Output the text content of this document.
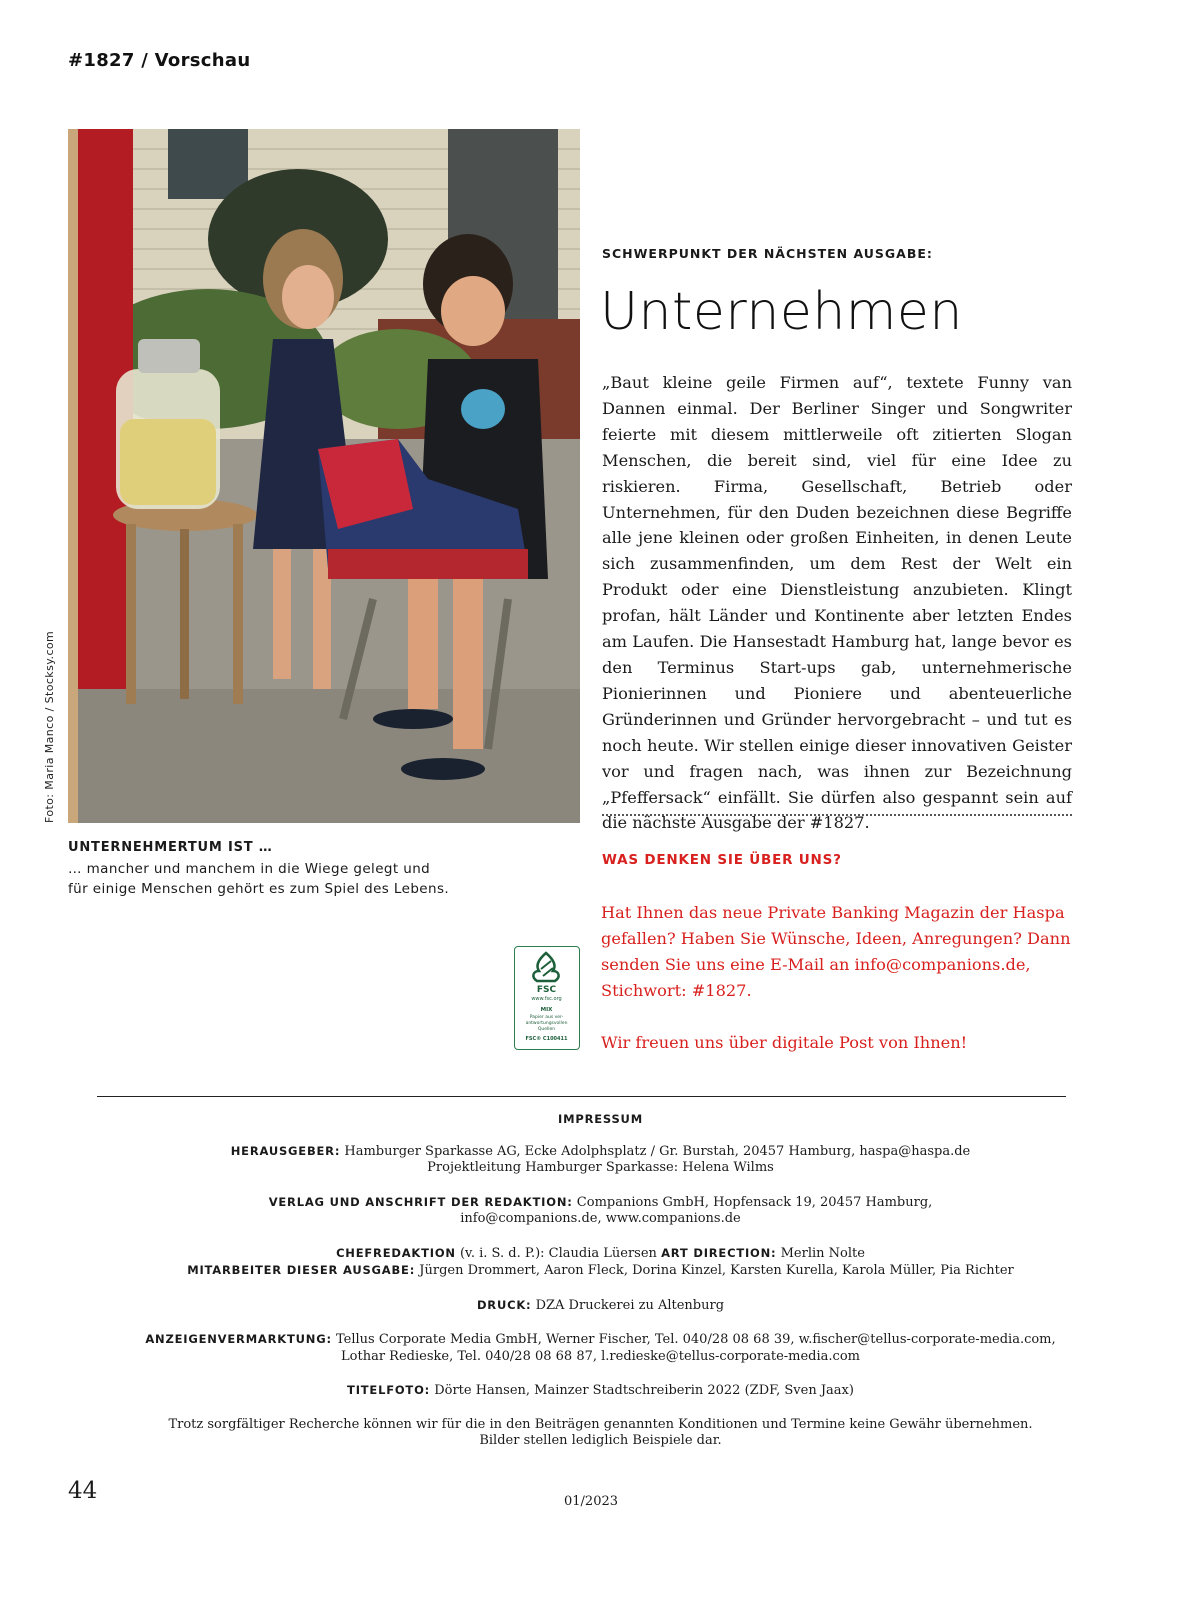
#1827 / Vorschau
Foto: Maria Manco / Stocksy.com
UNTERNEHMERTUM IST …
… mancher und manchem in die Wiege gelegt und
für einige Menschen gehört es zum Spiel des Lebens.
SCHWERPUNKT DER NÄCHSTEN AUSGABE:
Unternehmen
„Baut kleine geile Firmen auf“, textete Funny van Dannen einmal. Der Berliner Singer und Songwriter feierte mit diesem mittlerweile oft zitierten Slogan Menschen, die bereit sind, viel für eine Idee zu riskieren. Firma, Gesellschaft, Betrieb oder Unternehmen, für den Duden bezeichnen diese Begriffe alle jene kleinen oder großen Einheiten, in denen Leute sich zusammenfinden, um dem Rest der Welt ein Produkt oder eine Dienstleistung anzubieten. Klingt profan, hält Länder und Kontinente aber letzten Endes am Laufen. Die Hansestadt Hamburg hat, lange bevor es den Terminus Start-ups gab, unternehmerische Pionierinnen und Pioniere und abenteuerliche Gründerinnen und Gründer hervorgebracht – und tut es noch heute. Wir stellen einige dieser innovativen Geister vor und fragen nach, was ihnen zur Bezeichnung „Pfeffersack“ einfällt. Sie dürfen also gespannt sein auf die nächste Ausgabe der #1827.
WAS DENKEN SIE ÜBER UNS?

Hat Ihnen das neue Private Banking Magazin der Haspa gefallen? Haben Sie Wünsche, Ideen, Anregungen? Dann senden Sie uns eine E-Mail an info@companions.de, Stichwort: #1827.

Wir freuen uns über digitale Post von Ihnen!

FSC
www.fsc.org
MIX
Papier aus ver-
antwortungsvollen
Quellen
FSC® C100411
IMPRESSUM
HERAUSGEBER: Hamburger Sparkasse AG, Ecke Adolphsplatz / Gr. Burstah, 20457 Hamburg, haspa@haspa.de
Projektleitung Hamburger Sparkasse: Helena Wilms
VERLAG UND ANSCHRIFT DER REDAKTION: Companions GmbH, Hopfensack 19, 20457 Hamburg,
info@companions.de, www.companions.de
CHEFREDAKTION (v. i. S. d. P.): Claudia Lüersen ART DIRECTION: Merlin Nolte
MITARBEITER DIESER AUSGABE: Jürgen Drommert, Aaron Fleck, Dorina Kinzel, Karsten Kurella, Karola Müller, Pia Richter
DRUCK: DZA Druckerei zu Altenburg
ANZEIGENVERMARKTUNG: Tellus Corporate Media GmbH, Werner Fischer, Tel. 040/28 08 68 39, w.fischer@tellus-corporate-media.com,
Lothar Redieske, Tel. 040/28 08 68 87, l.redieske@tellus-corporate-media.com
TITELFOTO: Dörte Hansen, Mainzer Stadtschreiberin 2022 (ZDF, Sven Jaax)
Trotz sorgfältiger Recherche können wir für die in den Beiträgen genannten Konditionen und Termine keine Gewähr übernehmen.
Bilder stellen lediglich Beispiele dar.
44	01/2023
